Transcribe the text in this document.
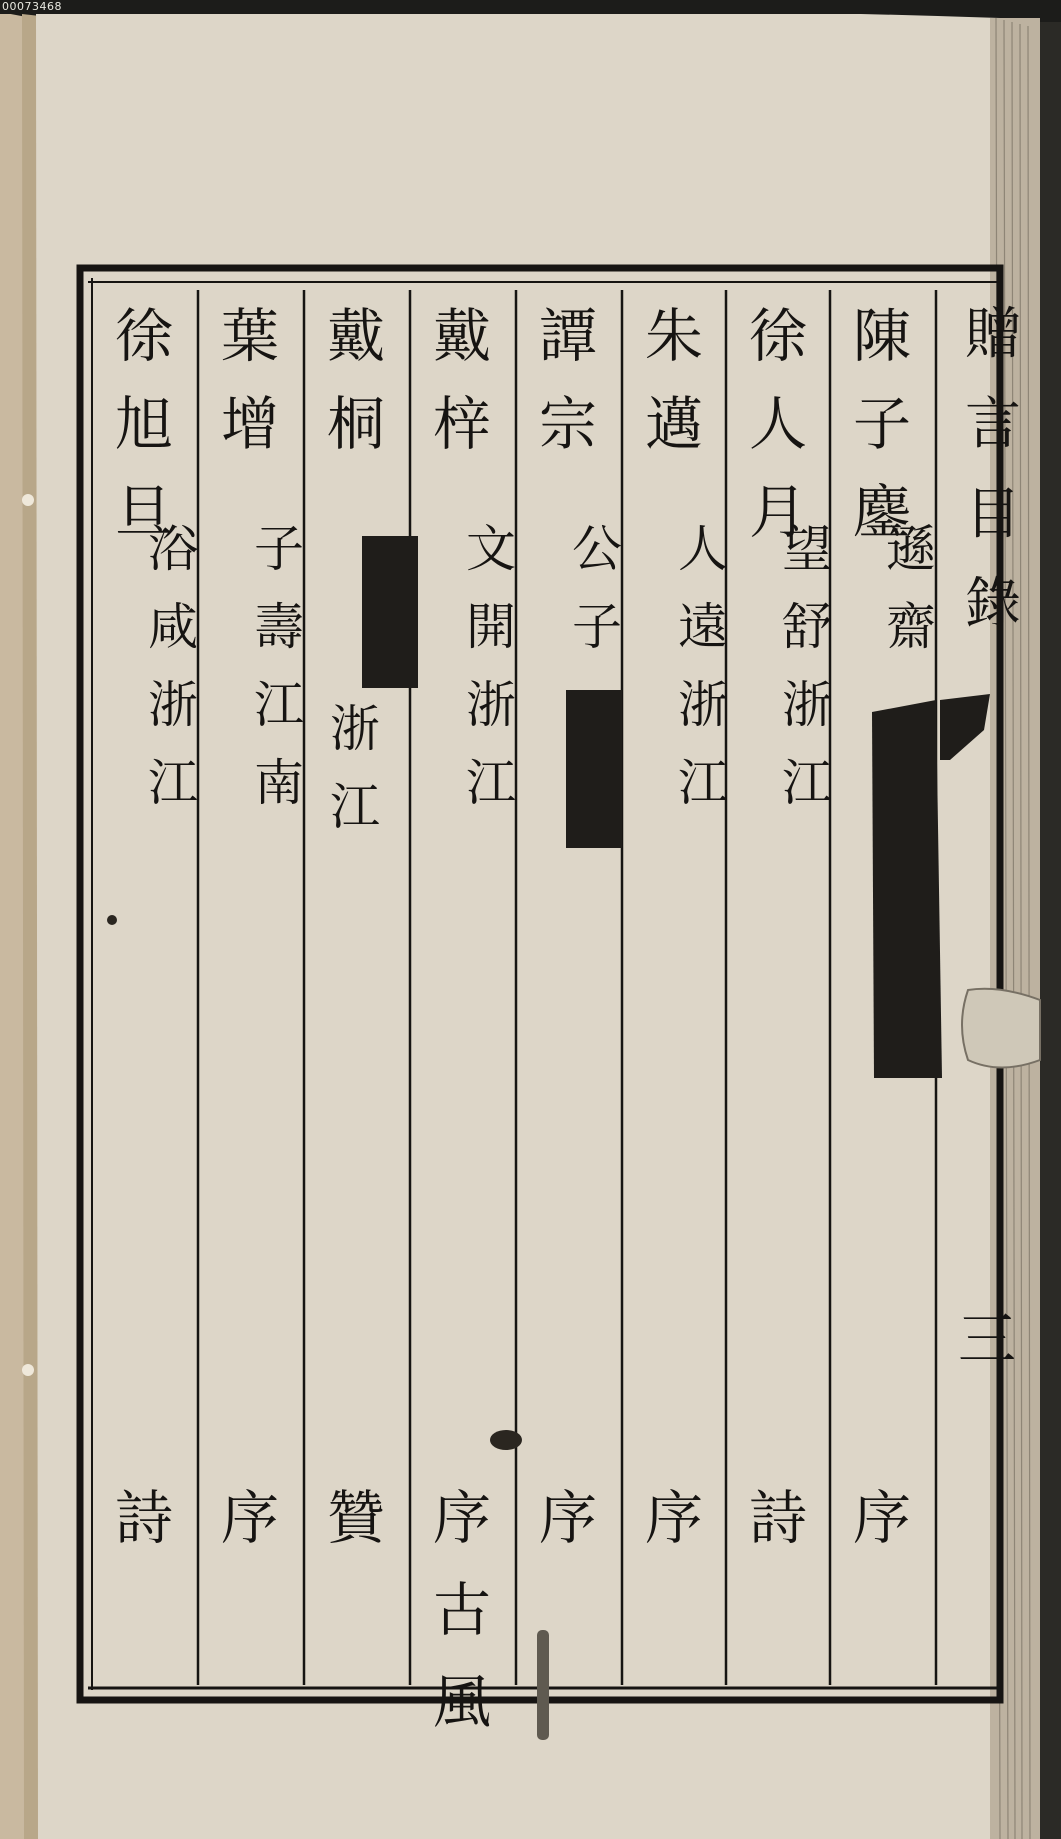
00073468
贈
言
目
錄
三
陳
子
鏖
遜
齋
序
徐
人
月
望
舒
浙
江
詩
朱
邁
人
遠
浙
江
序
譚
宗
公
子
序
戴
梓
文
開
浙
江
序
古
風
戴
桐
浙
江
贊
葉
增
子
壽
江
南
序
徐
旭
旦
浴
咸
浙
江
詩
